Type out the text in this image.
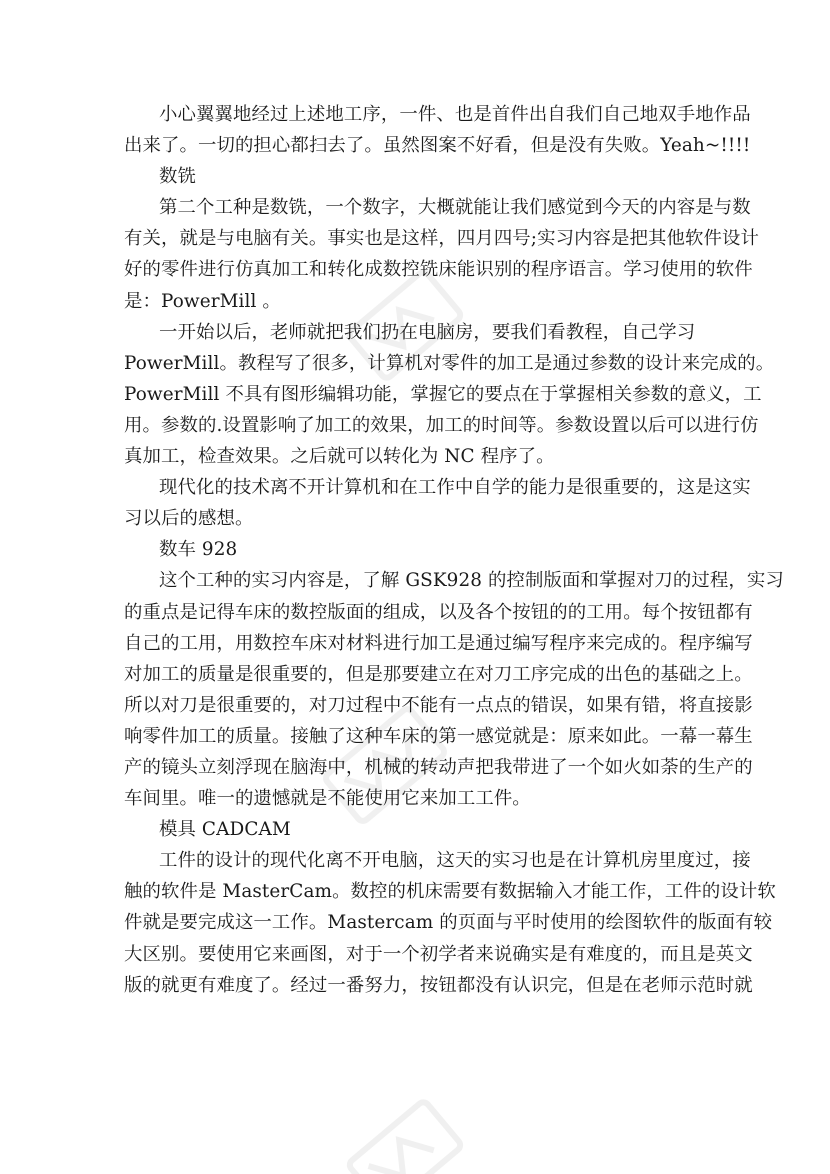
小心翼翼地经过上述地工序，一件、也是首件出自我们自己地双手地作品
出来了。一切的担心都扫去了。虽然图案不好看，但是没有失败。Yeah~!!!!
数铣
第二个工种是数铣，一个数字，大概就能让我们感觉到今天的内容是与数
有关，就是与电脑有关。事实也是这样，四月四号;实习内容是把其他软件设计
好的零件进行仿真加工和转化成数控铣床能识别的程序语言。学习使用的软件
是：PowerMill 。
一开始以后，老师就把我们扔在电脑房，要我们看教程，自己学习
PowerMill。教程写了很多，计算机对零件的加工是通过参数的设计来完成的。
PowerMill 不具有图形编辑功能，掌握它的要点在于掌握相关参数的意义，工
用。参数的.设置影响了加工的效果，加工的时间等。参数设置以后可以进行仿
真加工，检查效果。之后就可以转化为 NC 程序了。
现代化的技术离不开计算机和在工作中自学的能力是很重要的，这是这实
习以后的感想。
数车 928
这个工种的实习内容是，了解 GSK928 的控制版面和掌握对刀的过程，实习
的重点是记得车床的数控版面的组成，以及各个按钮的的工用。每个按钮都有
自己的工用，用数控车床对材料进行加工是通过编写程序来完成的。程序编写
对加工的质量是很重要的，但是那要建立在对刀工序完成的出色的基础之上。
所以对刀是很重要的，对刀过程中不能有一点点的错误，如果有错，将直接影
响零件加工的质量。接触了这种车床的第一感觉就是：原来如此。一幕一幕生
产的镜头立刻浮现在脑海中，机械的转动声把我带进了一个如火如荼的生产的
车间里。唯一的遗憾就是不能使用它来加工工件。
模具 CADCAM
工件的设计的现代化离不开电脑，这天的实习也是在计算机房里度过，接
触的软件是 MasterCam。数控的机床需要有数据输入才能工作，工件的设计软
件就是要完成这一工作。Mastercam 的页面与平时使用的绘图软件的版面有较
大区别。要使用它来画图，对于一个初学者来说确实是有难度的，而且是英文
版的就更有难度了。经过一番努力，按钮都没有认识完，但是在老师示范时就
